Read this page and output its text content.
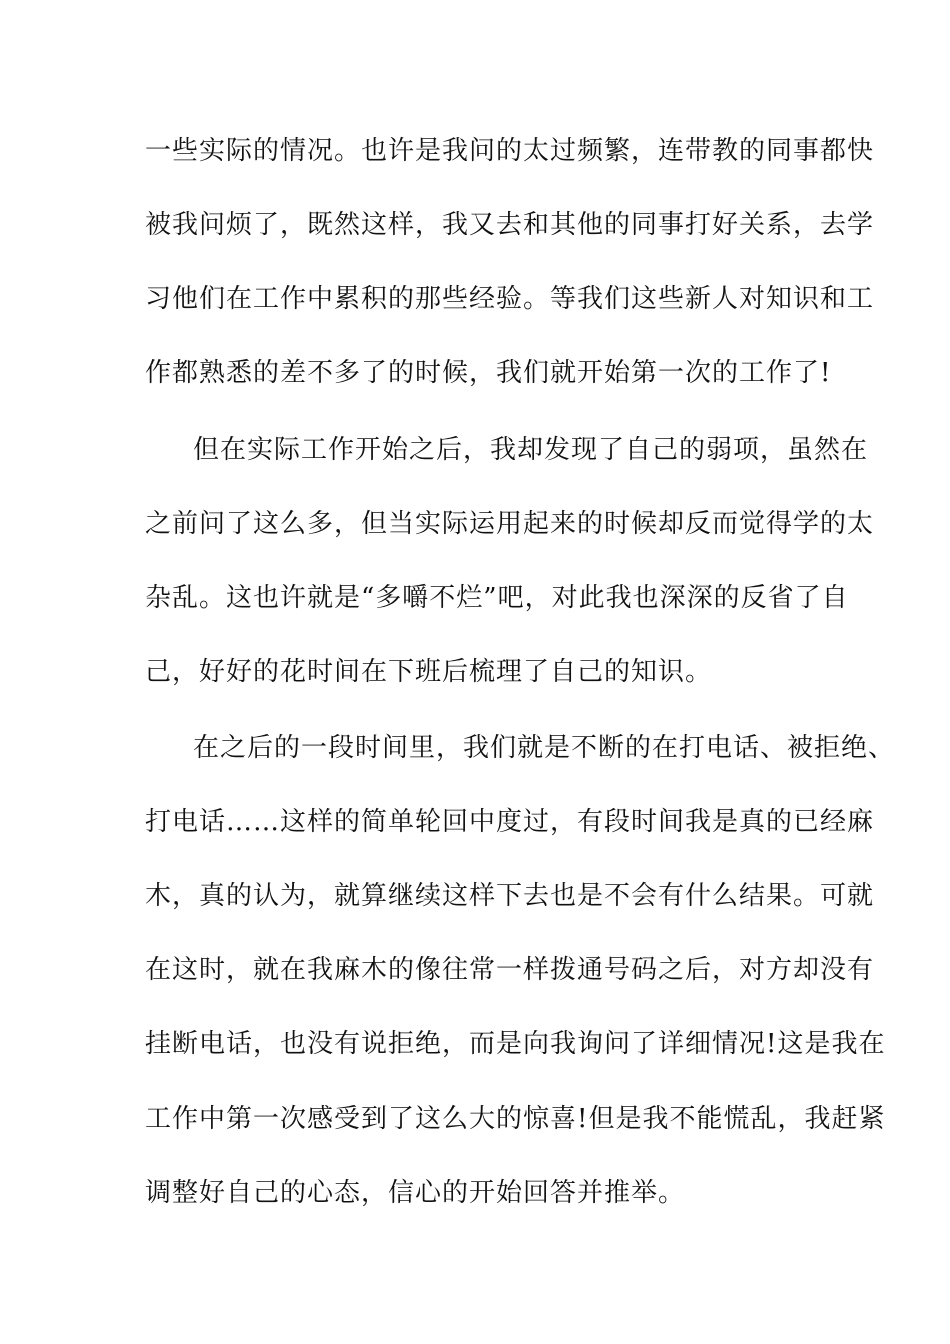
一些实际的情况。也许是我问的太过频繁，连带教的同事都快
被我问烦了，既然这样，我又去和其他的同事打好关系，去学
习他们在工作中累积的那些经验。等我们这些新人对知识和工
作都熟悉的差不多了的时候，我们就开始第一次的工作了!
但在实际工作开始之后，我却发现了自己的弱项，虽然在
之前问了这么多，但当实际运用起来的时候却反而觉得学的太
杂乱。这也许就是“多嚼不烂”吧，对此我也深深的反省了自
己，好好的花时间在下班后梳理了自己的知识。
在之后的一段时间里，我们就是不断的在打电话、被拒绝、
打电话……这样的简单轮回中度过，有段时间我是真的已经麻
木，真的认为，就算继续这样下去也是不会有什么结果。可就
在这时，就在我麻木的像往常一样拨通号码之后，对方却没有
挂断电话，也没有说拒绝，而是向我询问了详细情况!这是我在
工作中第一次感受到了这么大的惊喜!但是我不能慌乱，我赶紧
调整好自己的心态，信心的开始回答并推举。
